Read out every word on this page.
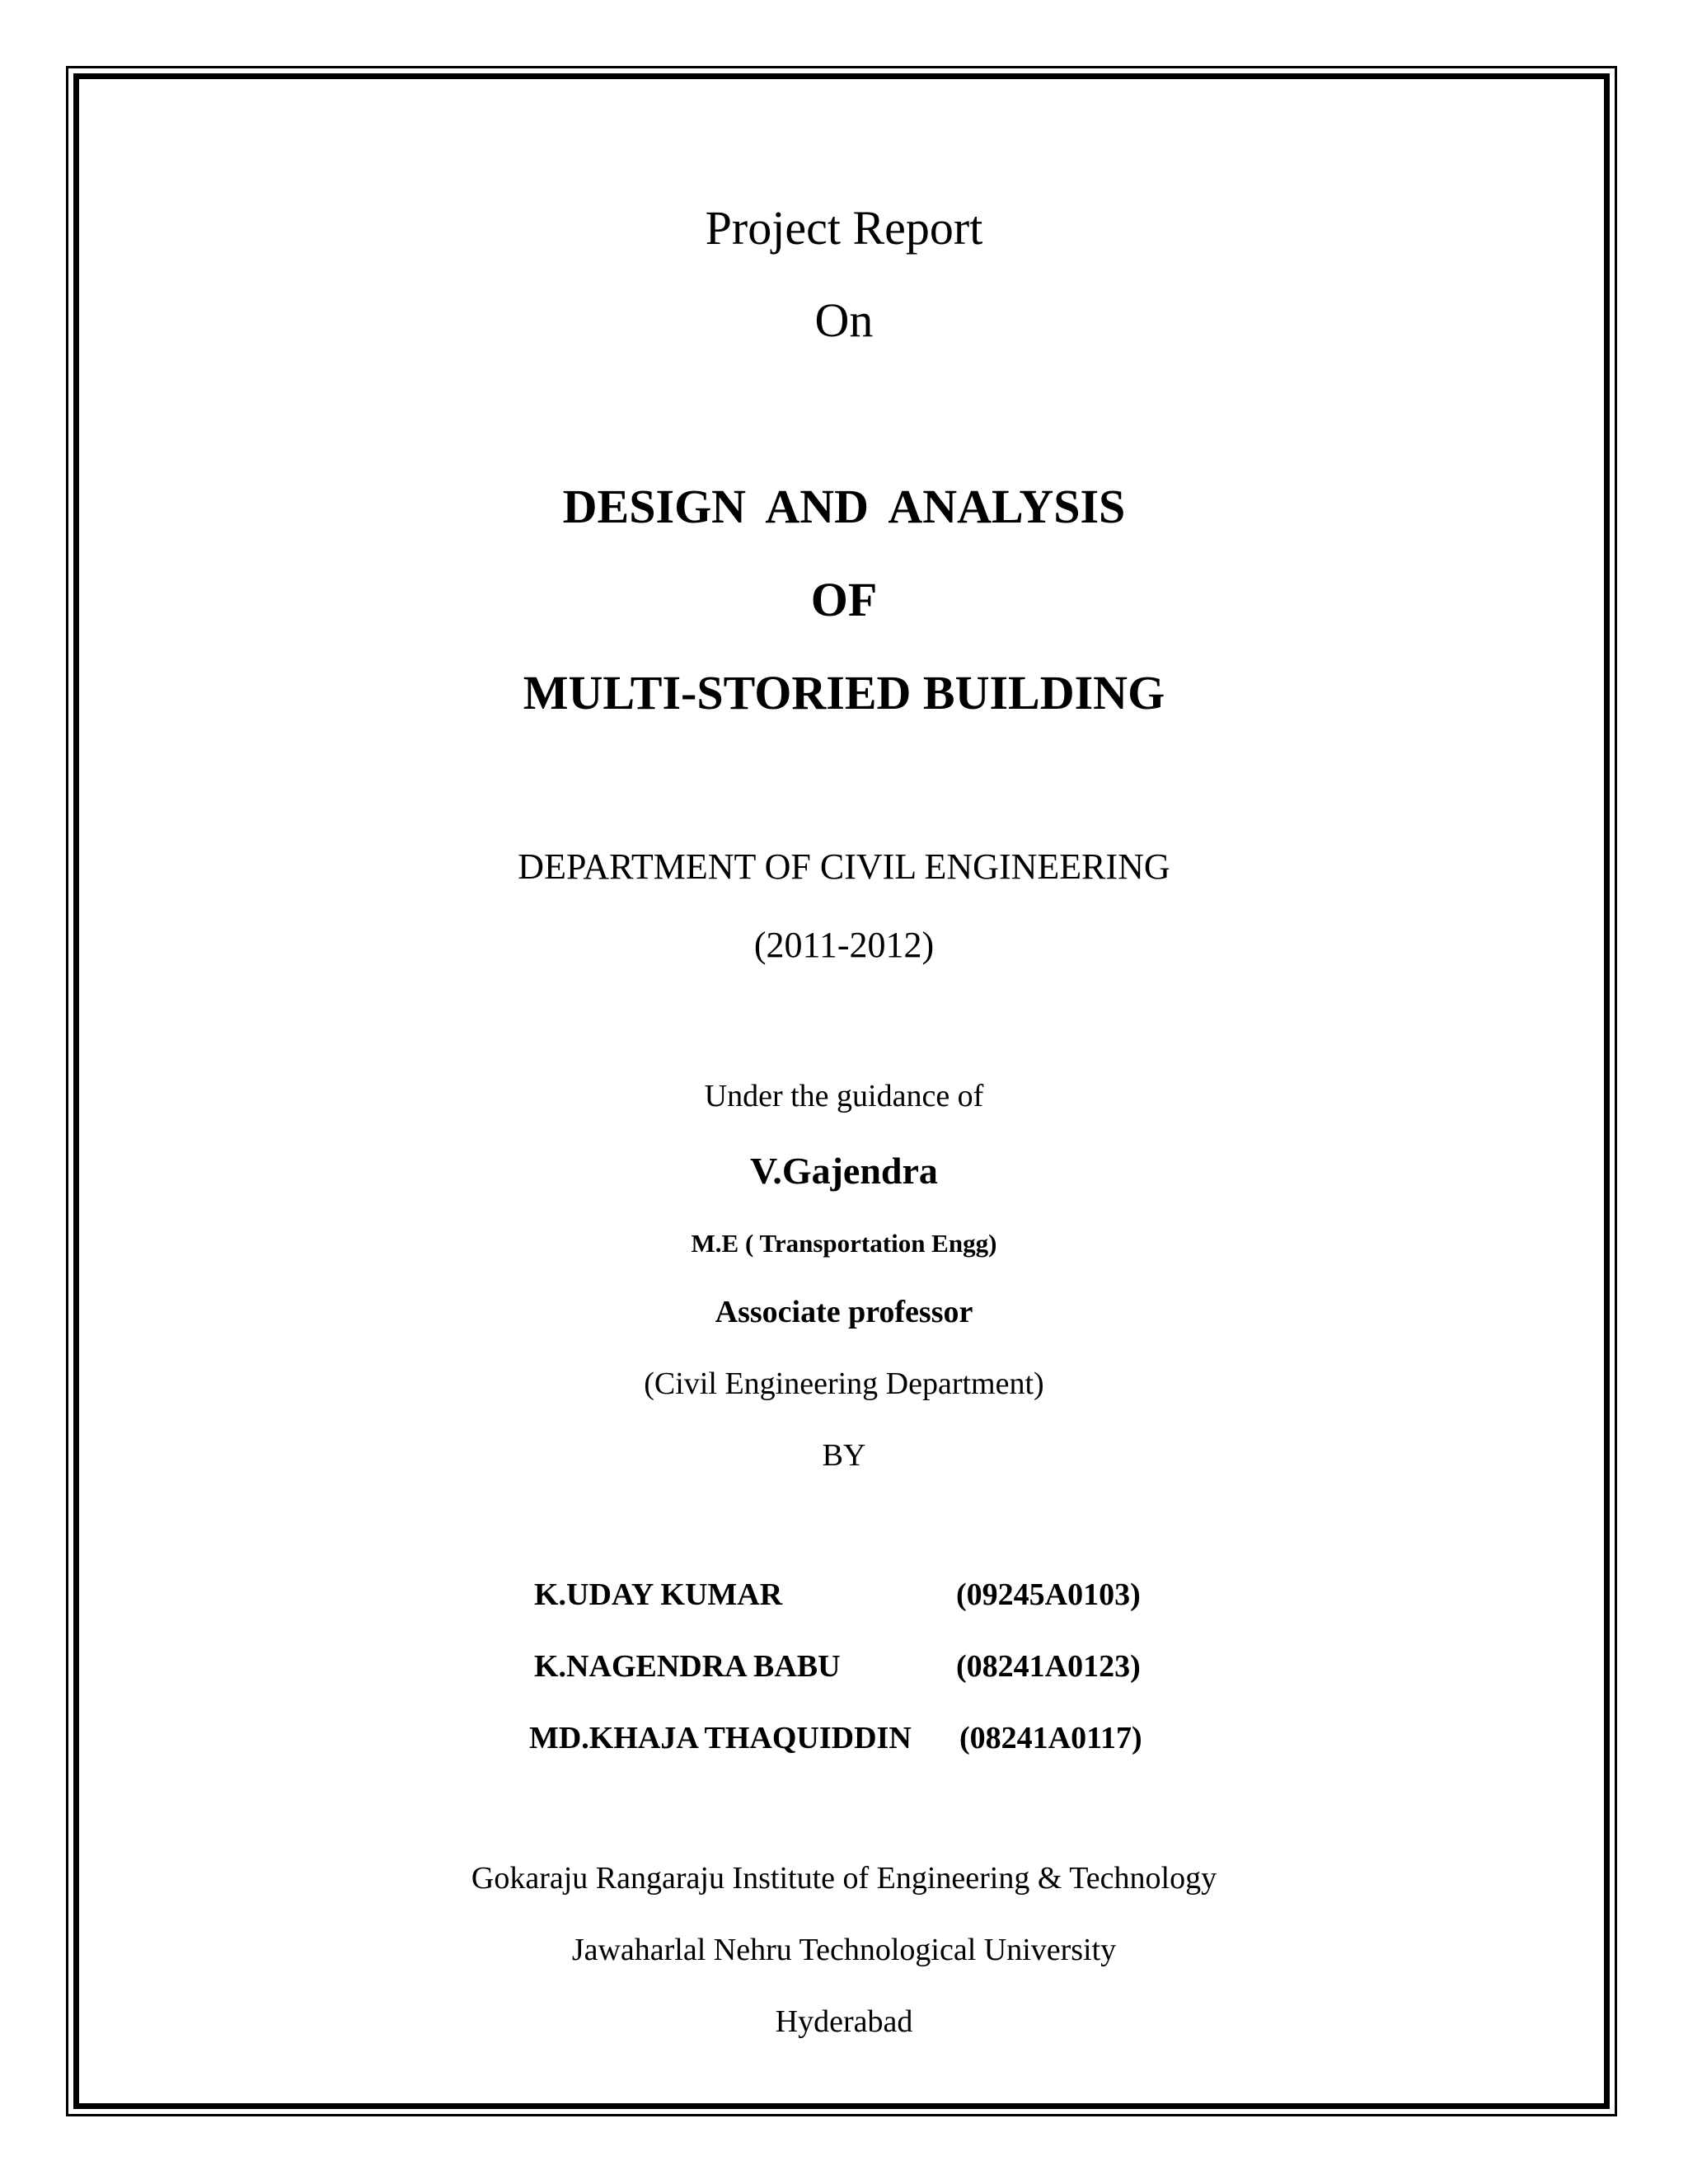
Project Report
On
DESIGN AND ANALYSIS
OF
MULTI-STORIED BUILDING
DEPARTMENT OF CIVIL ENGINEERING
(2011-2012)
Under the guidance of
V.Gajendra
M.E ( Transportation Engg)
Associate professor
(Civil Engineering Department)
BY
K.UDAY KUMAR	(09245A0103)
K.NAGENDRA BABU	(08241A0123)
MD.KHAJA THAQUIDDIN (08241A0117)
Gokaraju Rangaraju Institute of Engineering & Technology
Jawaharlal Nehru Technological University
Hyderabad
